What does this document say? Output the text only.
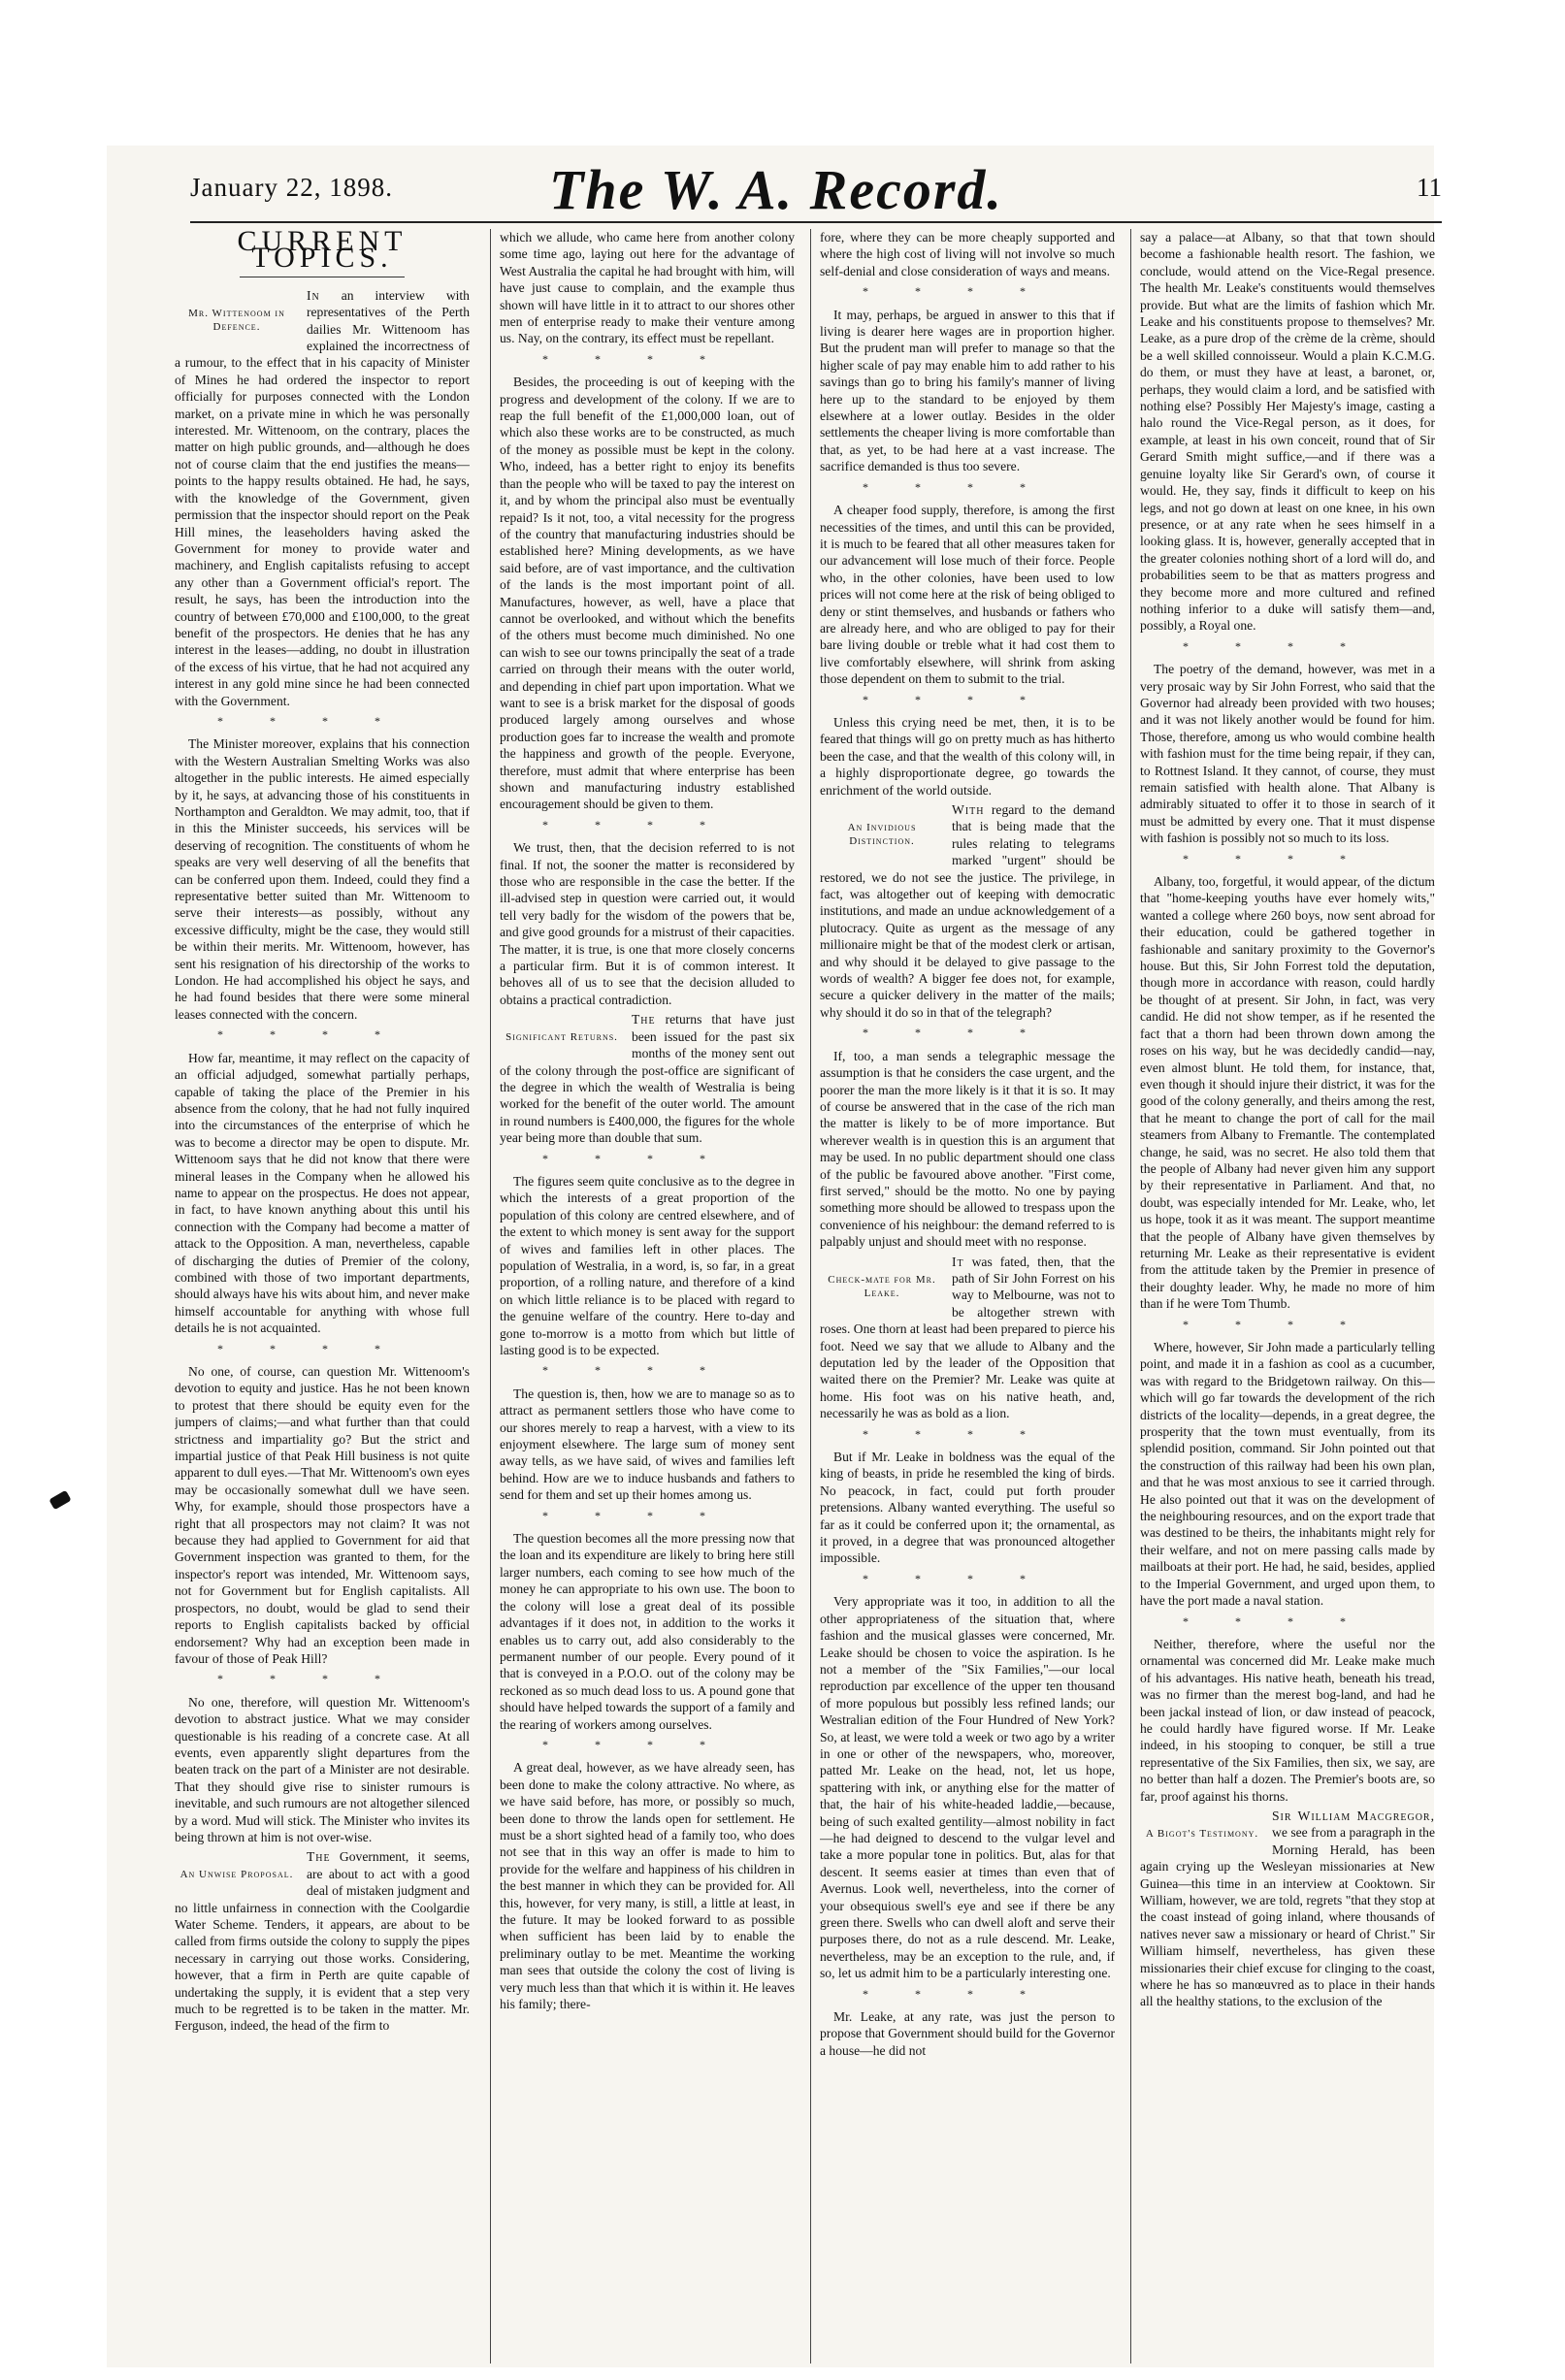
January 22, 1898.	The W. A. Record.	11
CURRENT TOPICS.
Mr. Wittenoom in Defence.

In an interview with representatives of the Perth dailies Mr. Wittenoom has explained the incorrectness of a rumour, to the effect that in his capacity of Minister of Mines he had ordered the inspector to report officially for purposes connected with the London market, on a private mine in which he was personally interested. Mr. Wittenoom, on the contrary, places the matter on high public grounds, and—although he does not of course claim that the end justifies the means—points to the happy results obtained. He had, he says, with the knowledge of the Government, given permission that the inspector should report on the Peak Hill mines, the leaseholders having asked the Government for money to provide water and machinery, and English capitalists refusing to accept any other than a Government official's report. The result, he says, has been the introduction into the country of between £70,000 and £100,000, to the great benefit of the prospectors. He denies that he has any interest in the leases—adding, no doubt in illustration of the excess of his virtue, that he had not acquired any interest in any gold mine since he had been connected with the Government.

****

The Minister moreover, explains that his connection with the Western Australian Smelting Works was also altogether in the public interests. He aimed especially by it, he says, at advancing those of his constituents in Northampton and Geraldton. We may admit, too, that if in this the Minister succeeds, his services will be deserving of recognition. The constituents of whom he speaks are very well deserving of all the benefits that can be conferred upon them. Indeed, could they find a representative better suited than Mr. Wittenoom to serve their interests—as possibly, without any excessive difficulty, might be the case, they would still be within their merits. Mr. Wittenoom, however, has sent his resignation of his directorship of the works to London. He had accomplished his object he says, and he had found besides that there were some mineral leases connected with the concern.

****

How far, meantime, it may reflect on the capacity of an official adjudged, somewhat partially perhaps, capable of taking the place of the Premier in his absence from the colony, that he had not fully inquired into the circumstances of the enterprise of which he was to become a director may be open to dispute. Mr. Wittenoom says that he did not know that there were mineral leases in the Company when he allowed his name to appear on the prospectus. He does not appear, in fact, to have known anything about this until his connection with the Company had become a matter of attack to the Opposition. A man, nevertheless, capable of discharging the duties of Premier of the colony, combined with those of two important departments, should always have his wits about him, and never make himself accountable for anything with whose full details he is not acquainted.

****

No one, of course, can question Mr. Wittenoom's devotion to equity and justice. Has he not been known to protest that there should be equity even for the jumpers of claims;—and what further than that could strictness and impartiality go? But the strict and impartial justice of that Peak Hill business is not quite apparent to dull eyes.—That Mr. Wittenoom's own eyes may be occasionally somewhat dull we have seen. Why, for example, should those prospectors have a right that all prospectors may not claim? It was not because they had applied to Government for aid that Government inspection was granted to them, for the inspector's report was intended, Mr. Wittenoom says, not for Government but for English capitalists. All prospectors, no doubt, would be glad to send their reports to English capitalists backed by official endorsement? Why had an exception been made in favour of those of Peak Hill?

****

No one, therefore, will question Mr. Wittenoom's devotion to abstract justice. What we may consider questionable is his reading of a concrete case. At all events, even apparently slight departures from the beaten track on the part of a Minister are not desirable. That they should give rise to sinister rumours is inevitable, and such rumours are not altogether silenced by a word. Mud will stick. The Minister who invites its being thrown at him is not over-wise.

An Unwise Proposal.

The Government, it seems, are about to act with a good deal of mistaken judgment and no little unfairness in connection with the Coolgardie Water Scheme. Tenders, it appears, are about to be called from firms outside the colony to supply the pipes necessary in carrying out those works. Considering, however, that a firm in Perth are quite capable of undertaking the supply, it is evident that a step very much to be regretted is to be taken in the matter. Mr. Ferguson, indeed, the head of the firm to

which we allude, who came here from another colony some time ago, laying out here for the advantage of West Australia the capital he had brought with him, will have just cause to complain, and the example thus shown will have little in it to attract to our shores other men of enterprise ready to make their venture among us. Nay, on the contrary, its effect must be repellant.

****

Besides, the proceeding is out of keeping with the progress and development of the colony. If we are to reap the full benefit of the £1,000,000 loan, out of which also these works are to be constructed, as much of the money as possible must be kept in the colony. Who, indeed, has a better right to enjoy its benefits than the people who will be taxed to pay the interest on it, and by whom the principal also must be eventually repaid? Is it not, too, a vital necessity for the progress of the country that manufacturing industries should be established here? Mining developments, as we have said before, are of vast importance, and the cultivation of the lands is the most important point of all. Manufactures, however, as well, have a place that cannot be overlooked, and without which the benefits of the others must become much diminished. No one can wish to see our towns principally the seat of a trade carried on through their means with the outer world, and depending in chief part upon importation. What we want to see is a brisk market for the disposal of goods produced largely among ourselves and whose production goes far to increase the wealth and promote the happiness and growth of the people. Everyone, therefore, must admit that where enterprise has been shown and manufacturing industry established encouragement should be given to them.

****

We trust, then, that the decision referred to is not final. If not, the sooner the matter is reconsidered by those who are responsible in the case the better. If the ill-advised step in question were carried out, it would tell very badly for the wisdom of the powers that be, and give good grounds for a mistrust of their capacities. The matter, it is true, is one that more closely concerns a particular firm. But it is of common interest. It behoves all of us to see that the decision alluded to obtains a practical contradiction.

Significant Returns.

The returns that have just been issued for the past six months of the money sent out of the colony through the post-office are significant of the degree in which the wealth of Westralia is being worked for the benefit of the outer world. The amount in round numbers is £400,000, the figures for the whole year being more than double that sum.

****

The figures seem quite conclusive as to the degree in which the interests of a great proportion of the population of this colony are centred elsewhere, and of the extent to which money is sent away for the support of wives and families left in other places. The population of Westralia, in a word, is, so far, in a great proportion, of a rolling nature, and therefore of a kind on which little reliance is to be placed with regard to the genuine welfare of the country. Here to-day and gone to-morrow is a motto from which but little of lasting good is to be expected.

****

The question is, then, how we are to manage so as to attract as permanent settlers those who have come to our shores merely to reap a harvest, with a view to its enjoyment elsewhere. The large sum of money sent away tells, as we have said, of wives and families left behind. How are we to induce husbands and fathers to send for them and set up their homes among us.

****

The question becomes all the more pressing now that the loan and its expenditure are likely to bring here still larger numbers, each coming to see how much of the money he can appropriate to his own use. The boon to the colony will lose a great deal of its possible advantages if it does not, in addition to the works it enables us to carry out, add also considerably to the permanent number of our people. Every pound of it that is conveyed in a P.O.O. out of the colony may be reckoned as so much dead loss to us. A pound gone that should have helped towards the support of a family and the rearing of workers among ourselves.

****

A great deal, however, as we have already seen, has been done to make the colony attractive. No where, as we have said before, has more, or possibly so much, been done to throw the lands open for settlement. He must be a short sighted head of a family too, who does not see that in this way an offer is made to him to provide for the welfare and happiness of his children in the best manner in which they can be provided for. All this, however, for very many, is still, a little at least, in the future. It may be looked forward to as possible when sufficient has been laid by to enable the preliminary outlay to be met. Meantime the working man sees that outside the colony the cost of living is very much less than that which it is within it. He leaves his family; there-

fore, where they can be more cheaply supported and where the high cost of living will not involve so much self-denial and close consideration of ways and means.

****

It may, perhaps, be argued in answer to this that if living is dearer here wages are in proportion higher. But the prudent man will prefer to manage so that the higher scale of pay may enable him to add rather to his savings than go to bring his family's manner of living here up to the standard to be enjoyed by them elsewhere at a lower outlay. Besides in the older settlements the cheaper living is more comfortable than that, as yet, to be had here at a vast increase. The sacrifice demanded is thus too severe.

****

A cheaper food supply, therefore, is among the first necessities of the times, and until this can be provided, it is much to be feared that all other measures taken for our advancement will lose much of their force. People who, in the other colonies, have been used to low prices will not come here at the risk of being obliged to deny or stint themselves, and husbands or fathers who are already here, and who are obliged to pay for their bare living double or treble what it had cost them to live comfortably elsewhere, will shrink from asking those dependent on them to submit to the trial.

****

Unless this crying need be met, then, it is to be feared that things will go on pretty much as has hitherto been the case, and that the wealth of this colony will, in a highly disproportionate degree, go towards the enrichment of the world outside.

An Invidious Distinction.

With regard to the demand that is being made that the rules relating to telegrams marked "urgent" should be restored, we do not see the justice. The privilege, in fact, was altogether out of keeping with democratic institutions, and made an undue acknowledgement of a plutocracy. Quite as urgent as the message of any millionaire might be that of the modest clerk or artisan, and why should it be delayed to give passage to the words of wealth? A bigger fee does not, for example, secure a quicker delivery in the matter of the mails; why should it do so in that of the telegraph?

****

If, too, a man sends a telegraphic message the assumption is that he considers the case urgent, and the poorer the man the more likely is it that it is so. It may of course be answered that in the case of the rich man the matter is likely to be of more importance. But wherever wealth is in question this is an argument that may be used. In no public department should one class of the public be favoured above another. "First come, first served," should be the motto. No one by paying something more should be allowed to trespass upon the convenience of his neighbour: the demand referred to is palpably unjust and should meet with no response.

Check-mate for Mr. Leake.

It was fated, then, that the path of Sir John Forrest on his way to Melbourne, was not to be altogether strewn with roses. One thorn at least had been prepared to pierce his foot. Need we say that we allude to Albany and the deputation led by the leader of the Opposition that waited there on the Premier? Mr. Leake was quite at home. His foot was on his native heath, and, necessarily he was as bold as a lion.

****

But if Mr. Leake in boldness was the equal of the king of beasts, in pride he resembled the king of birds. No peacock, in fact, could put forth prouder pretensions. Albany wanted everything. The useful so far as it could be conferred upon it; the ornamental, as it proved, in a degree that was pronounced altogether impossible.

****

Very appropriate was it too, in addition to all the other appropriateness of the situation that, where fashion and the musical glasses were concerned, Mr. Leake should be chosen to voice the aspiration. Is he not a member of the "Six Families,"—our local reproduction par excellence of the upper ten thousand of more populous but possibly less refined lands; our Westralian edition of the Four Hundred of New York? So, at least, we were told a week or two ago by a writer in one or other of the newspapers, who, moreover, patted Mr. Leake on the head, not, let us hope, spattering with ink, or anything else for the matter of that, the hair of his white-headed laddie,—because, being of such exalted gentility—almost nobility in fact—he had deigned to descend to the vulgar level and take a more popular tone in politics. But, alas for that descent. It seems easier at times than even that of Avernus. Look well, nevertheless, into the corner of your obsequious swell's eye and see if there be any green there. Swells who can dwell aloft and serve their purposes there, do not as a rule descend. Mr. Leake, nevertheless, may be an exception to the rule, and, if so, let us admit him to be a particularly interesting one.

****

Mr. Leake, at any rate, was just the person to propose that Government should build for the Governor a house—he did not

say a palace—at Albany, so that that town should become a fashionable health resort. The fashion, we conclude, would attend on the Vice-Regal presence. The health Mr. Leake's constituents would themselves provide. But what are the limits of fashion which Mr. Leake and his constituents propose to themselves? Mr. Leake, as a pure drop of the crème de la crème, should be a well skilled connoisseur. Would a plain K.C.M.G. do them, or must they have at least, a baronet, or, perhaps, they would claim a lord, and be satisfied with nothing else? Possibly Her Majesty's image, casting a halo round the Vice-Regal person, as it does, for example, at least in his own conceit, round that of Sir Gerard Smith might suffice,—and if there was a genuine loyalty like Sir Gerard's own, of course it would. He, they say, finds it difficult to keep on his legs, and not go down at least on one knee, in his own presence, or at any rate when he sees himself in a looking glass. It is, however, generally accepted that in the greater colonies nothing short of a lord will do, and probabilities seem to be that as matters progress and they become more and more cultured and refined nothing inferior to a duke will satisfy them—and, possibly, a Royal one.

****

The poetry of the demand, however, was met in a very prosaic way by Sir John Forrest, who said that the Governor had already been provided with two houses; and it was not likely another would be found for him. Those, therefore, among us who would combine health with fashion must for the time being repair, if they can, to Rottnest Island. It they cannot, of course, they must remain satisfied with health alone. That Albany is admirably situated to offer it to those in search of it must be admitted by every one. That it must dispense with fashion is possibly not so much to its loss.

****

Albany, too, forgetful, it would appear, of the dictum that "home-keeping youths have ever homely wits," wanted a college where 260 boys, now sent abroad for their education, could be gathered together in fashionable and sanitary proximity to the Governor's house. But this, Sir John Forrest told the deputation, though more in accordance with reason, could hardly be thought of at present. Sir John, in fact, was very candid. He did not show temper, as if he resented the fact that a thorn had been thrown down among the roses on his way, but he was decidedly candid—nay, even almost blunt. He told them, for instance, that, even though it should injure their district, it was for the good of the colony generally, and theirs among the rest, that he meant to change the port of call for the mail steamers from Albany to Fremantle. The contemplated change, he said, was no secret. He also told them that the people of Albany had never given him any support by their representative in Parliament. And that, no doubt, was especially intended for Mr. Leake, who, let us hope, took it as it was meant. The support meantime that the people of Albany have given themselves by returning Mr. Leake as their representative is evident from the attitude taken by the Premier in presence of their doughty leader. Why, he made no more of him than if he were Tom Thumb.

****

Where, however, Sir John made a particularly telling point, and made it in a fashion as cool as a cucumber, was with regard to the Bridgetown railway. On this—which will go far towards the development of the rich districts of the locality—depends, in a great degree, the prosperity that the town must eventually, from its splendid position, command. Sir John pointed out that the construction of this railway had been his own plan, and that he was most anxious to see it carried through. He also pointed out that it was on the development of the neighbouring resources, and on the export trade that was destined to be theirs, the inhabitants might rely for their welfare, and not on mere passing calls made by mailboats at their port. He had, he said, besides, applied to the Imperial Government, and urged upon them, to have the port made a naval station.

****

Neither, therefore, where the useful nor the ornamental was concerned did Mr. Leake make much of his advantages. His native heath, beneath his tread, was no firmer than the merest bog-land, and had he been jackal instead of lion, or daw instead of peacock, he could hardly have figured worse. If Mr. Leake indeed, in his stooping to conquer, be still a true representative of the Six Families, then six, we say, are no better than half a dozen. The Premier's boots are, so far, proof against his thorns.

A Bigot's Testimony.

Sir William Macgregor, we see from a paragraph in the Morning Herald, has been again crying up the Wesleyan missionaries at New Guinea—this time in an interview at Cooktown. Sir William, however, we are told, regrets "that they stop at the coast instead of going inland, where thousands of natives never saw a missionary or heard of Christ." Sir William himself, nevertheless, has given these missionaries their chief excuse for clinging to the coast, where he has so manœuvred as to place in their hands all the healthy stations, to the exclusion of the
